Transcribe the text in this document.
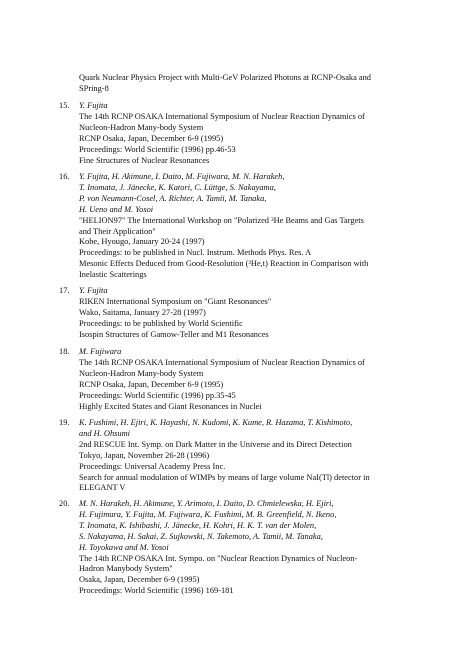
Quark Nuclear Physics Project with Multi-GeV Polarized Photons at RCNP-Osaka and
SPring-8
15.	Y. Fujita
The 14th RCNP OSAKA International Symposium of Nuclear Reaction Dynamics of
Nucleon-Hadron Many-body System
RCNP Osaka, Japan, December 6-9 (1995)
Proceedings: World Scientific (1996) pp.46-53
Fine Structures of Nuclear Resonances
16.	Y. Fujita, H. Akimune, I. Daito, M. Fujiwara, M. N. Harakeh,
T. Inomata, J. Jänecke, K. Katori, C. Lüttge, S. Nakayama,
P. von Neumann-Cosel, A. Richter, A. Tamii, M. Tanaka,
H. Ueno and M. Yosoi
"HELION97" The International Workshop on "Polarized ³He Beams and Gas Targets
and Their Application"
Kobe, Hyougo, January 20-24 (1997)
Proceedings: to be published in Nucl. Instrum. Methods Phys. Res. A
Mesonic Effects Deduced from Good-Resolution (³He,t) Reaction in Comparison with
Inelastic Scatterings
17.	Y. Fujita
RIKEN International Symposium on "Giant Resonances"
Wako, Saitama, January 27-28 (1997)
Proceedings: to be published by World Scientific
Isospin Structures of Gamow-Teller and M1 Resonances
18.	M. Fujiwara
The 14th RCNP OSAKA International Symposium of Nuclear Reaction Dynamics of
Nucleon-Hadron Many-body System
RCNP Osaka, Japan, December 6-9 (1995)
Proceedings: World Scientific (1996) pp.35-45
Highly Excited States and Giant Resonances in Nuclei
19.	K. Fushimi, H. Ejiri, K. Hayashi, N. Kudomi, K. Kume, R. Hazama, T. Kishimoto,
and H. Ohsumi
2nd RESCUE Int. Symp. on Dark Matter in the Universe and its Direct Detection
Tokyo, Japan, November 26-28 (1996)
Proceedings: Universal Academy Press Inc.
Search for annual modulation of WIMPs by means of large volume NaI(Tl) detector in
ELEGANT V
20.	M. N. Harakeh, H. Akimune, Y. Arimoto, I. Daito, D. Chmielewska, H. Ejiri,
H. Fujimura, Y. Fujita, M. Fujiwara, K. Fushimi, M. B. Greenfield, N. Ikeno,
T. Inomata, K. Ishibashi, J. Jänecke, H. Kohri, H. K. T. van der Molen,
S. Nakayama, H. Sakai, Z. Sujkowski, N. Takemoto, A. Tamii, M. Tanaka,
H. Toyokawa and M. Yosoi
The 14th RCNP OSAKA Int. Sympo. on "Nuclear Reaction Dynamics of Nucleon-
Hadron Manybody System"
Osaka, Japan, December 6-9 (1995)
Proceedings: World Scientific (1996) 169-181
